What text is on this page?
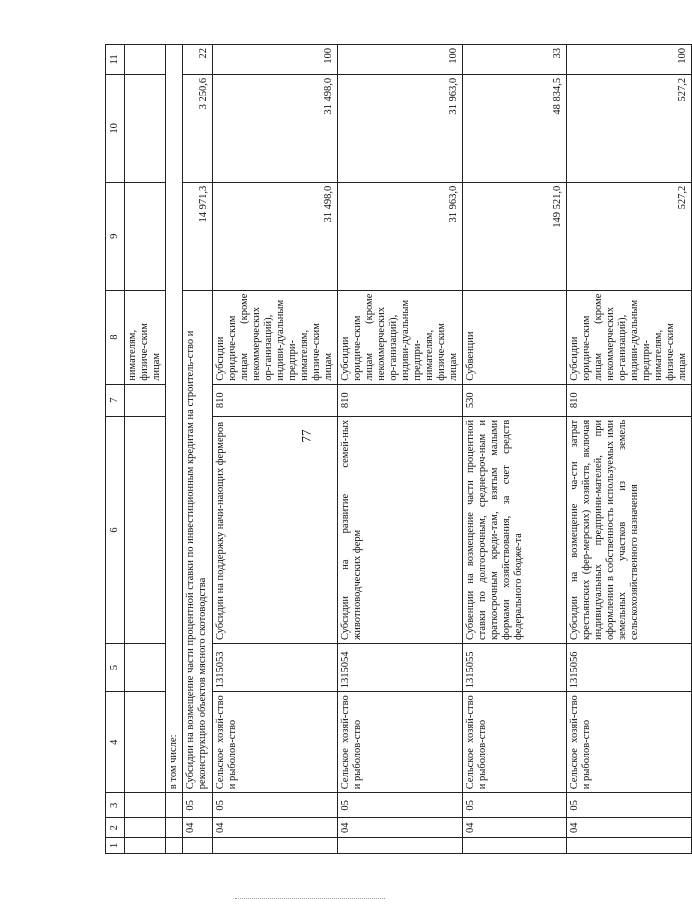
77
1	2	3	4	5	6	7	8	9	10	11
							нимателям, физиче-ским лицам			
			в том числе:							
	04	05	Субсидии на возмещение части процентной ставки по инвестиционным кредитам на строитель-ство и реконструкцию объектов мясного скотоводства					14 971,3	3 250,6	22
	04	05	Сельское хозяй-ство и рыболов-ство	1315053	Субсидии на поддержку начи-нающих фермеров	810	Субсидии юридиче-ским лицам (кроме некоммерческих ор-ганизаций), индиви-дуальным предпри-нимателям, физиче-ским лицам	31 498,0	31 498,0	100
	04	05	Сельское хозяй-ство и рыболов-ство	1315054	Субсидии на развитие семей-ных животноводческих ферм	810	Субсидии юридиче-ским лицам (кроме некоммерческих ор-ганизаций), индиви-дуальным предпри-нимателям, физиче-ским лицам	31 963,0	31 963,0	100
	04	05	Сельское хозяй-ство и рыболов-ство	1315055	Субвенции на возмещение части процентной ставки по долгосрочным, среднесроч-ным и краткосрочным креди-там, взятым малыми формами хозяйствования, за счет средств федерального бюдже-та	530	Субвенции	149 521,0	48 834,5	33
	04	05	Сельское хозяй-ство и рыболов-ство	1315056	Субсидии на возмещение ча-сти затрат крестьянских (фер-мерских) хозяйств, включая индивидуальных предприни-мателей, при оформлении в собственность используемых ими земельных участков из земель сельскохозяйственного назначения	810	Субсидии юридиче-ским лицам (кроме некоммерческих ор-ганизаций), индиви-дуальным предпри-нимателям, физиче-ским лицам	527,2	527,2	100
